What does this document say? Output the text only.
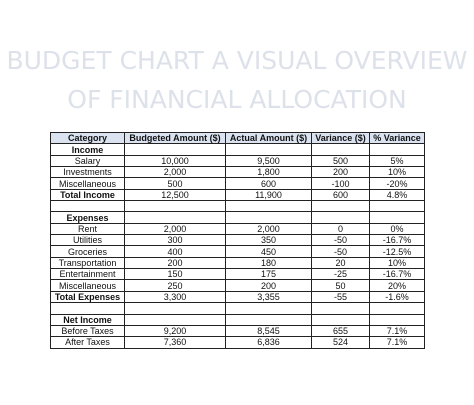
BUDGET CHART A VISUAL OVERVIEW
OF FINANCIAL ALLOCATION
Category	Budgeted Amount ($)	Actual Amount ($)	Variance ($)	% Variance
Income				
Salary	10,000	9,500	500	5%
Investments	2,000	1,800	200	10%
Miscellaneous	500	600	-100	-20%
Total Income	12,500	11,900	600	4.8%

Expenses				
Rent	2,000	2,000	0	0%
Utilities	300	350	-50	-16.7%
Groceries	400	450	-50	-12.5%
Transportation	200	180	20	10%
Entertainment	150	175	-25	-16.7%
Miscellaneous	250	200	50	20%
Total Expenses	3,300	3,355	-55	-1.6%

Net Income				
Before Taxes	9,200	8,545	655	7.1%
After Taxes	7,360	6,836	524	7.1%
